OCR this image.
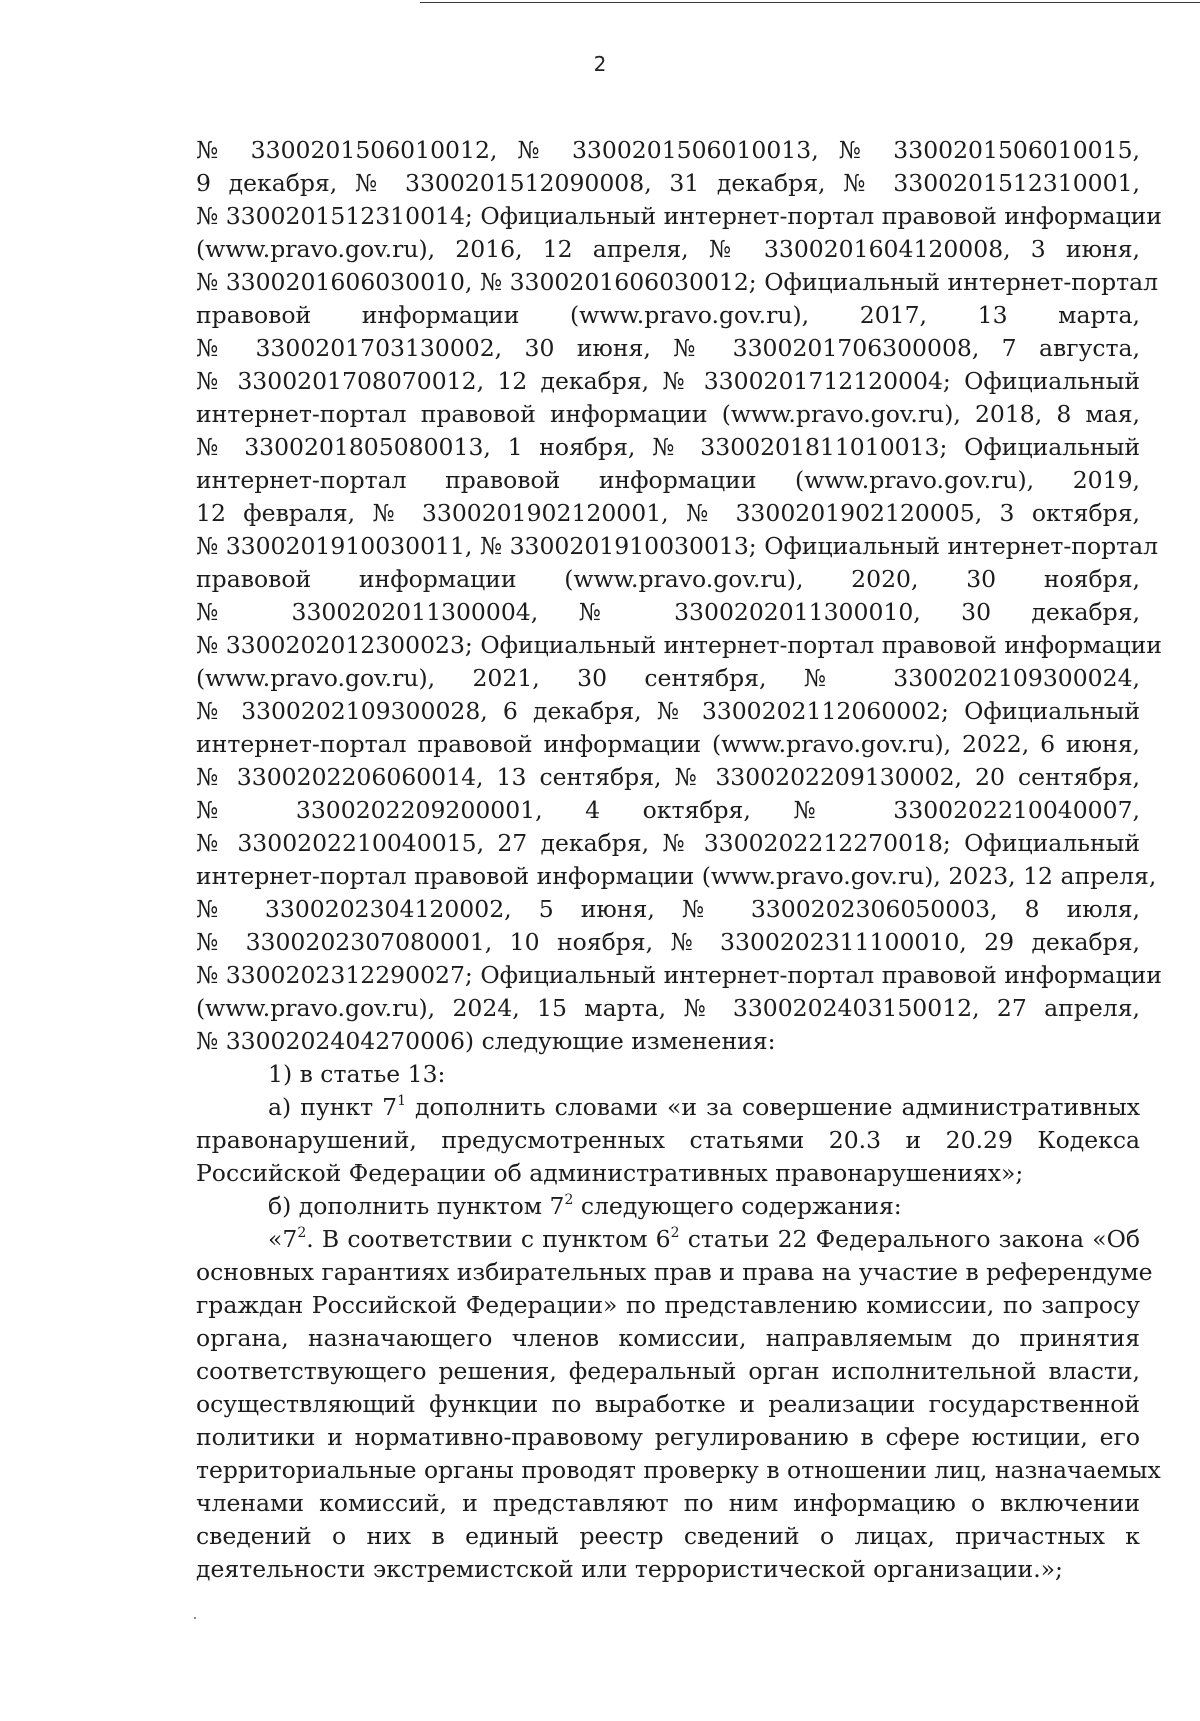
2
№ 3300201506010012, № 3300201506010013, № 3300201506010015,
9 декабря, № 3300201512090008, 31 декабря, № 3300201512310001,
№ 3300201512310014; Официальный интернет-портал правовой информации
(www.pravo.gov.ru), 2016, 12 апреля, № 3300201604120008, 3 июня,
№ 3300201606030010, № 3300201606030012; Официальный интернет-портал
правовой информации (www.pravo.gov.ru), 2017, 13 марта,
№ 3300201703130002, 30 июня, № 3300201706300008, 7 августа,
№ 3300201708070012, 12 декабря, № 3300201712120004; Официальный
интернет-портал правовой информации (www.pravo.gov.ru), 2018, 8 мая,
№ 3300201805080013, 1 ноября, № 3300201811010013; Официальный
интернет-портал правовой информации (www.pravo.gov.ru), 2019,
12 февраля, № 3300201902120001, № 3300201902120005, 3 октября,
№ 3300201910030011, № 3300201910030013; Официальный интернет-портал
правовой информации (www.pravo.gov.ru), 2020, 30 ноября,
№ 3300202011300004, № 3300202011300010, 30 декабря,
№ 3300202012300023; Официальный интернет-портал правовой информации
(www.pravo.gov.ru), 2021, 30 сентября, № 3300202109300024,
№ 3300202109300028, 6 декабря, № 3300202112060002; Официальный
интернет-портал правовой информации (www.pravo.gov.ru), 2022, 6 июня,
№ 3300202206060014, 13 сентября, № 3300202209130002, 20 сентября,
№ 3300202209200001, 4 октября, № 3300202210040007,
№ 3300202210040015, 27 декабря, № 3300202212270018; Официальный
интернет-портал правовой информации (www.pravo.gov.ru), 2023, 12 апреля,
№ 3300202304120002, 5 июня, № 3300202306050003, 8 июля,
№ 3300202307080001, 10 ноября, № 3300202311100010, 29 декабря,
№ 3300202312290027; Официальный интернет-портал правовой информации
(www.pravo.gov.ru), 2024, 15 марта, № 3300202403150012, 27 апреля,
№ 3300202404270006) следующие изменения:
1) в статье 13:
а) пункт $7^1$ дополнить словами «и за совершение административных
правонарушений, предусмотренных статьями 20.3 и 20.29 Кодекса
Российской Федерации об административных правонарушениях»;
б) дополнить пунктом $7^2$ следующего содержания:
«$7^2$. В соответствии с пунктом $6^2$ статьи 22 Федерального закона «Об
основных гарантиях избирательных прав и права на участие в референдуме
граждан Российской Федерации» по представлению комиссии, по запросу
органа, назначающего членов комиссии, направляемым до принятия
соответствующего решения, федеральный орган исполнительной власти,
осуществляющий функции по выработке и реализации государственной
политики и нормативно-правовому регулированию в сфере юстиции, его
территориальные органы проводят проверку в отношении лиц, назначаемых
членами комиссий, и представляют по ним информацию о включении
сведений о них в единый реестр сведений о лицах, причастных к
деятельности экстремистской или террористической организации.»;
